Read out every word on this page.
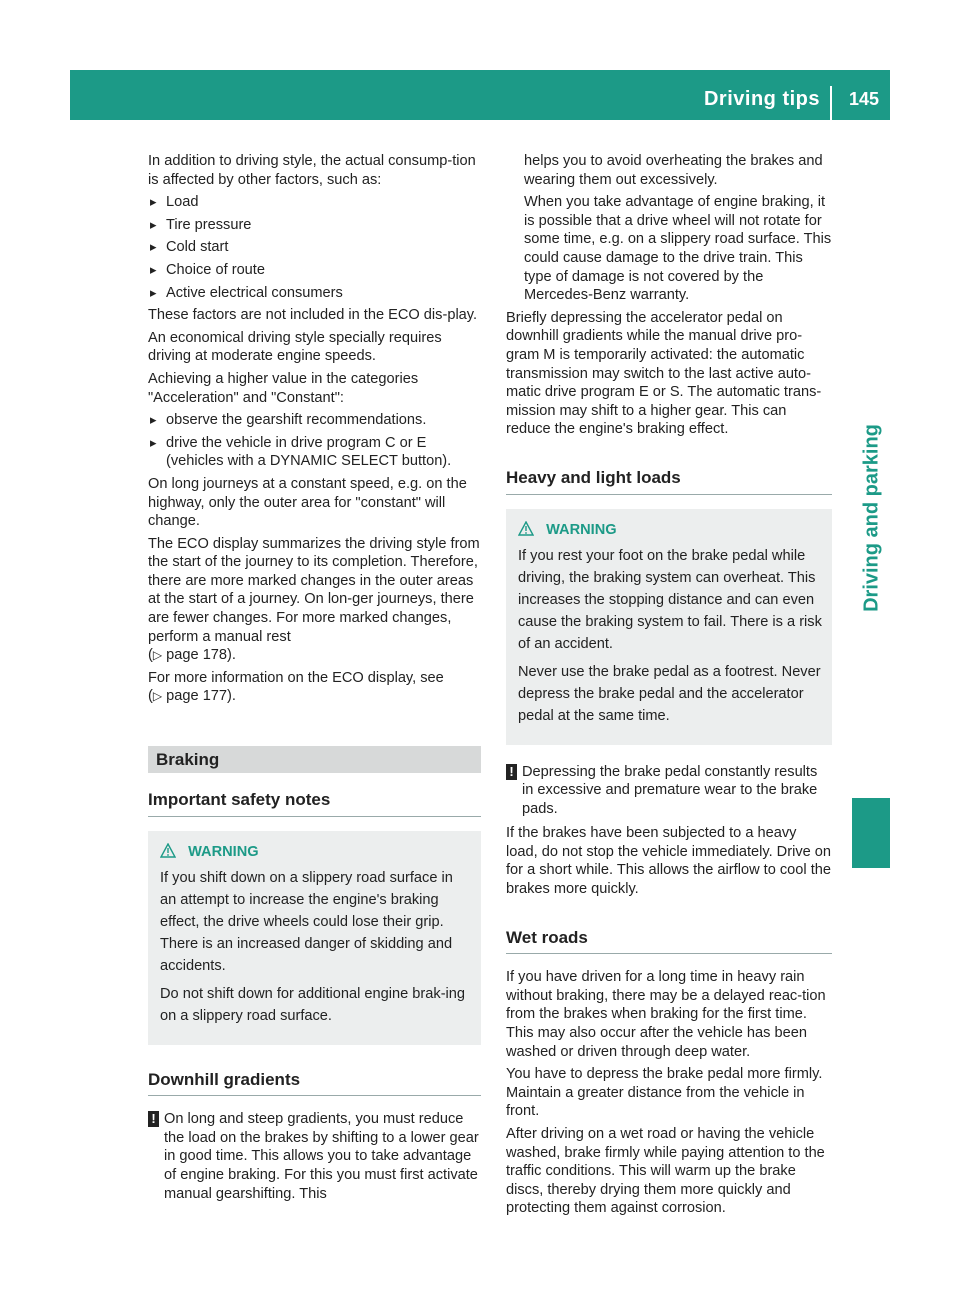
Driving tips 145
Driving and parking

In addition to driving style, the actual consump-tion is affected by other factors, such as:

▸ Load
▸ Tire pressure
▸ Cold start
▸ Choice of route
▸ Active electrical consumers

These factors are not included in the ECO dis-play.

An economical driving style specially requires driving at moderate engine speeds.

Achieving a higher value in the categories "Acceleration" and "Constant":

▸ observe the gearshift recommendations.
▸ drive the vehicle in drive program C or E (vehicles with a DYNAMIC SELECT button).

On long journeys at a constant speed, e.g. on the highway, only the outer area for "constant" will change.

The ECO display summarizes the driving style from the start of the journey to its completion. Therefore, there are more marked changes in the outer areas at the start of a journey. On lon-ger journeys, there are fewer changes. For more marked changes, perform a manual rest
(▷ page 178).

For more information on the ECO display, see
(▷ page 177).

Braking
Important safety notes
WARNING

If you shift down on a slippery road surface in an attempt to increase the engine's braking effect, the drive wheels could lose their grip. There is an increased danger of skidding and accidents.

Do not shift down for additional engine brak-ing on a slippery road surface.

Downhill gradients
! On long and steep gradients, you must reduce the load on the brakes by shifting to a lower gear in good time. This allows you to take advantage of engine braking. For this you must first activate manual gearshifting. This

helps you to avoid overheating the brakes and wearing them out excessively.

When you take advantage of engine braking, it is possible that a drive wheel will not rotate for some time, e.g. on a slippery road surface. This could cause damage to the drive train. This type of damage is not covered by the Mercedes-Benz warranty.

Briefly depressing the accelerator pedal on downhill gradients while the manual drive pro-gram M is temporarily activated: the automatic transmission may switch to the last active auto-matic drive program E or S. The automatic trans-mission may shift to a higher gear. This can reduce the engine's braking effect.

Heavy and light loads
WARNING

If you rest your foot on the brake pedal while driving, the braking system can overheat. This increases the stopping distance and can even cause the braking system to fail. There is a risk of an accident.

Never use the brake pedal as a footrest. Never depress the brake pedal and the accelerator pedal at the same time.

! Depressing the brake pedal constantly results in excessive and premature wear to the brake pads.

If the brakes have been subjected to a heavy load, do not stop the vehicle immediately. Drive on for a short while. This allows the airflow to cool the brakes more quickly.

Wet roads

If you have driven for a long time in heavy rain without braking, there may be a delayed reac-tion from the brakes when braking for the first time. This may also occur after the vehicle has been washed or driven through deep water.

You have to depress the brake pedal more firmly. Maintain a greater distance from the vehicle in front.

After driving on a wet road or having the vehicle washed, brake firmly while paying attention to the traffic conditions. This will warm up the brake discs, thereby drying them more quickly and protecting them against corrosion.
